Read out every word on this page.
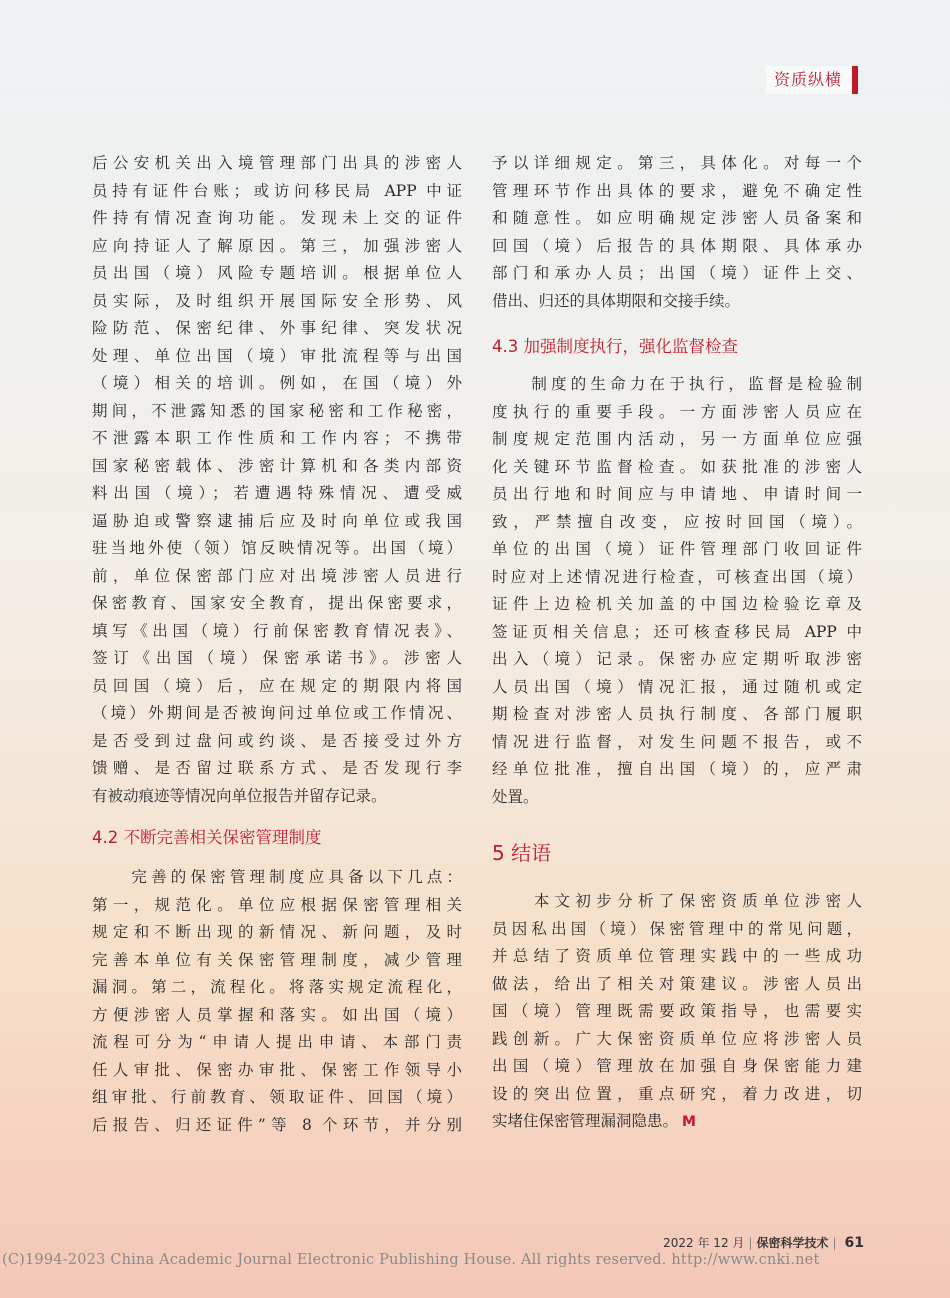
资质纵横
后公安机关出入境管理部门出具的涉密人
员持有证件台账；或访问移民局 APP 中证
件持有情况查询功能。发现未上交的证件
应向持证人了解原因。第三，加强涉密人
员出国（境）风险专题培训。根据单位人
员实际，及时组织开展国际安全形势、风
险防范、保密纪律、外事纪律、突发状况
处理、单位出国（境）审批流程等与出国
（境）相关的培训。例如，在国（境）外
期间，不泄露知悉的国家秘密和工作秘密，
不泄露本职工作性质和工作内容；不携带
国家秘密载体、涉密计算机和各类内部资
料出国（境）；若遭遇特殊情况、遭受威
逼胁迫或警察逮捕后应及时向单位或我国
驻当地外使（领）馆反映情况等。出国（境）
前，单位保密部门应对出境涉密人员进行
保密教育、国家安全教育，提出保密要求，
填写《出国（境）行前保密教育情况表》、
签订《出国（境）保密承诺书》。涉密人
员回国（境）后，应在规定的期限内将国
（境）外期间是否被询问过单位或工作情况、
是否受到过盘问或约谈、是否接受过外方
馈赠、是否留过联系方式、是否发现行李
有被动痕迹等情况向单位报告并留存记录。
4.2 不断完善相关保密管理制度
　　完善的保密管理制度应具备以下几点：
第一，规范化。单位应根据保密管理相关
规定和不断出现的新情况、新问题，及时
完善本单位有关保密管理制度，减少管理
漏洞。第二，流程化。将落实规定流程化，
方便涉密人员掌握和落实。如出国（境）
流程可分为“申请人提出申请、本部门责
任人审批、保密办审批、保密工作领导小
组审批、行前教育、领取证件、回国（境）
后报告、归还证件”等 8 个环节，并分别
予以详细规定。第三，具体化。对每一个
管理环节作出具体的要求，避免不确定性
和随意性。如应明确规定涉密人员备案和
回国（境）后报告的具体期限、具体承办
部门和承办人员；出国（境）证件上交、
借出、归还的具体期限和交接手续。
4.3 加强制度执行，强化监督检查
　　制度的生命力在于执行，监督是检验制
度执行的重要手段。一方面涉密人员应在
制度规定范围内活动，另一方面单位应强
化关键环节监督检查。如获批准的涉密人
员出行地和时间应与申请地、申请时间一
致，严禁擅自改变，应按时回国（境）。
单位的出国（境）证件管理部门收回证件
时应对上述情况进行检查，可核查出国（境）
证件上边检机关加盖的中国边检验讫章及
签证页相关信息；还可核查移民局 APP 中
出入（境）记录。保密办应定期听取涉密
人员出国（境）情况汇报，通过随机或定
期检查对涉密人员执行制度、各部门履职
情况进行监督，对发生问题不报告，或不
经单位批准，擅自出国（境）的，应严肃
处置。
5 结语
　　本文初步分析了保密资质单位涉密人
员因私出国（境）保密管理中的常见问题，
并总结了资质单位管理实践中的一些成功
做法，给出了相关对策建议。涉密人员出
国（境）管理既需要政策指导，也需要实
践创新。广大保密资质单位应将涉密人员
出国（境）管理放在加强自身保密能力建
设的突出位置，重点研究，着力改进，切
实堵住保密管理漏洞隐患。 M
2022 年 12 月 | 保密科学技术 | 61
(C)1994-2023 China Academic Journal Electronic Publishing House. All rights reserved. http://www.cnki.net
